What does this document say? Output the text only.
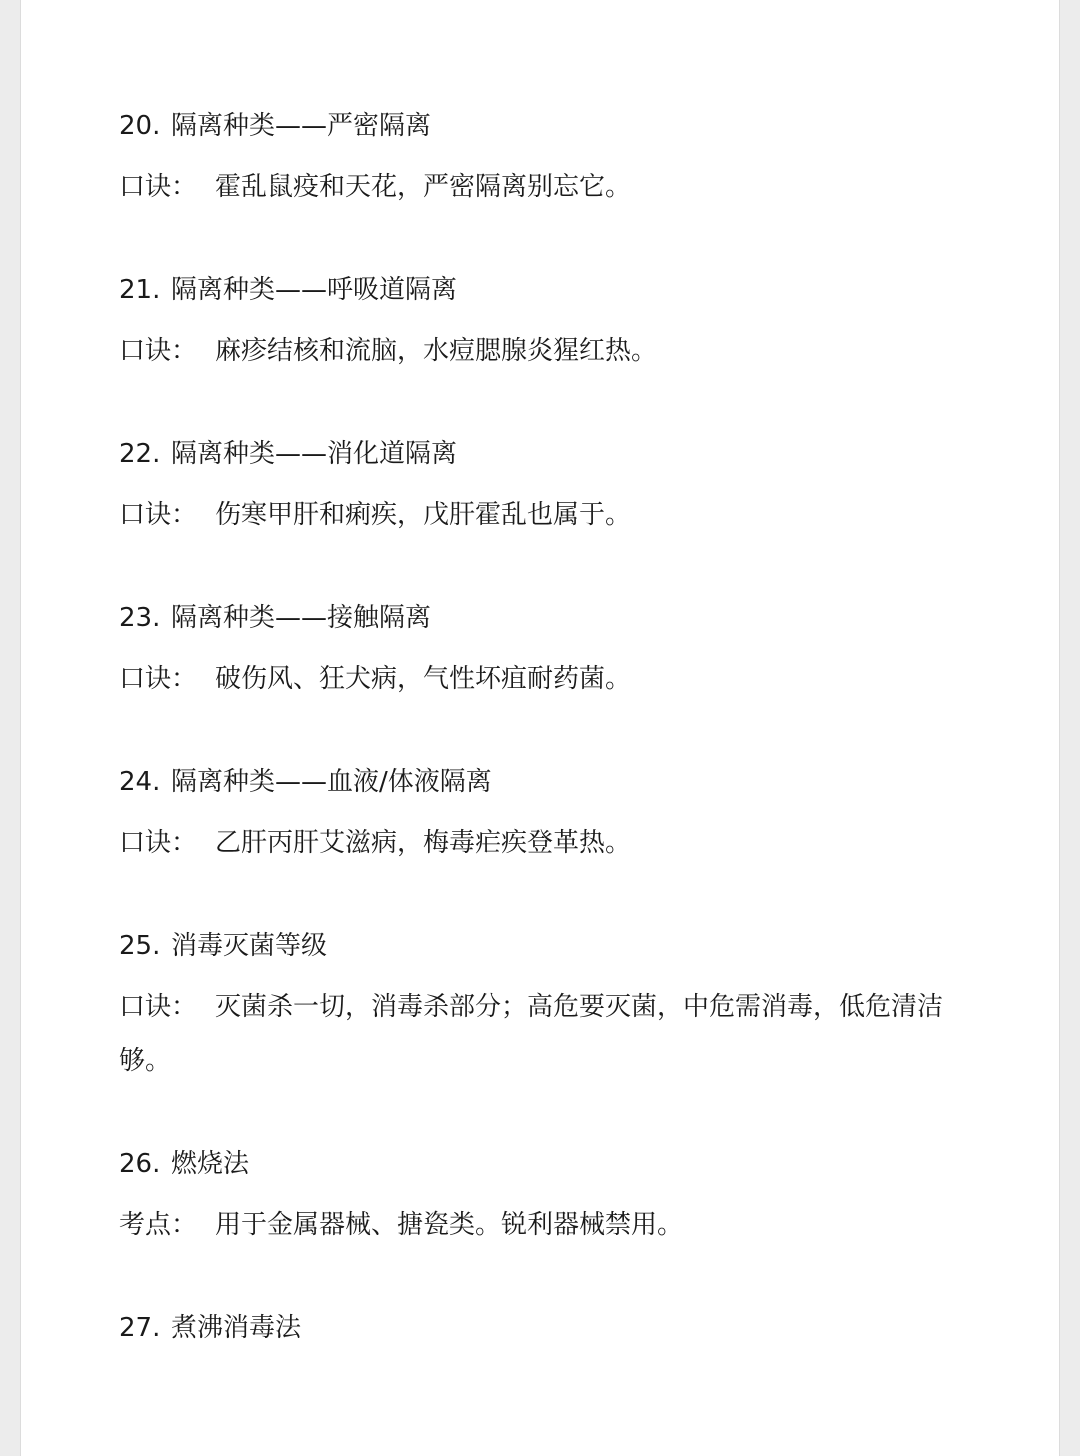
20. 隔离种类——严密隔离
口诀： 霍乱鼠疫和天花，严密隔离别忘它。
21. 隔离种类——呼吸道隔离
口诀： 麻疹结核和流脑，水痘腮腺炎猩红热。
22. 隔离种类——消化道隔离
口诀： 伤寒甲肝和痢疾，戊肝霍乱也属于。
23. 隔离种类——接触隔离
口诀： 破伤风、狂犬病，气性坏疽耐药菌。
24. 隔离种类——血液/体液隔离
口诀： 乙肝丙肝艾滋病，梅毒疟疾登革热。
25. 消毒灭菌等级
口诀： 灭菌杀一切，消毒杀部分；高危要灭菌，中危需消毒，低危清洁够。
26. 燃烧法
考点： 用于金属器械、搪瓷类。锐利器械禁用。
27. 煮沸消毒法
